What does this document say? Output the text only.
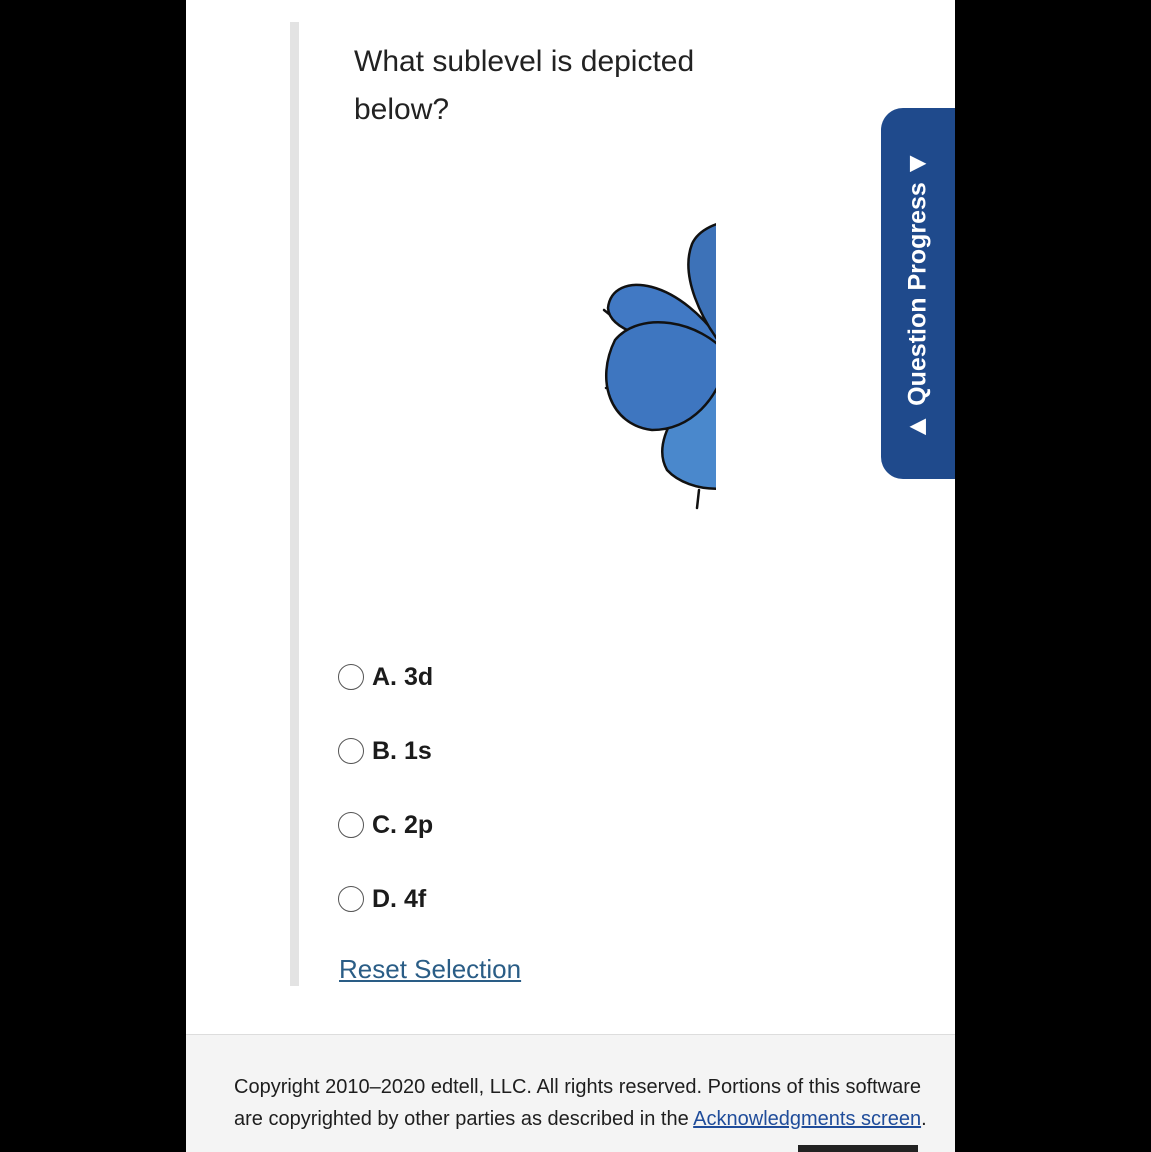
What sublevel is depicted below?
A. 3d
B. 1s
C. 2p
D. 4f
Reset Selection
Copyright 2010–2020 edtell, LLC. All rights reserved. Portions of this software are copyrighted by other parties as described in the Acknowledgments screen.
◀
Question Progress
▶
